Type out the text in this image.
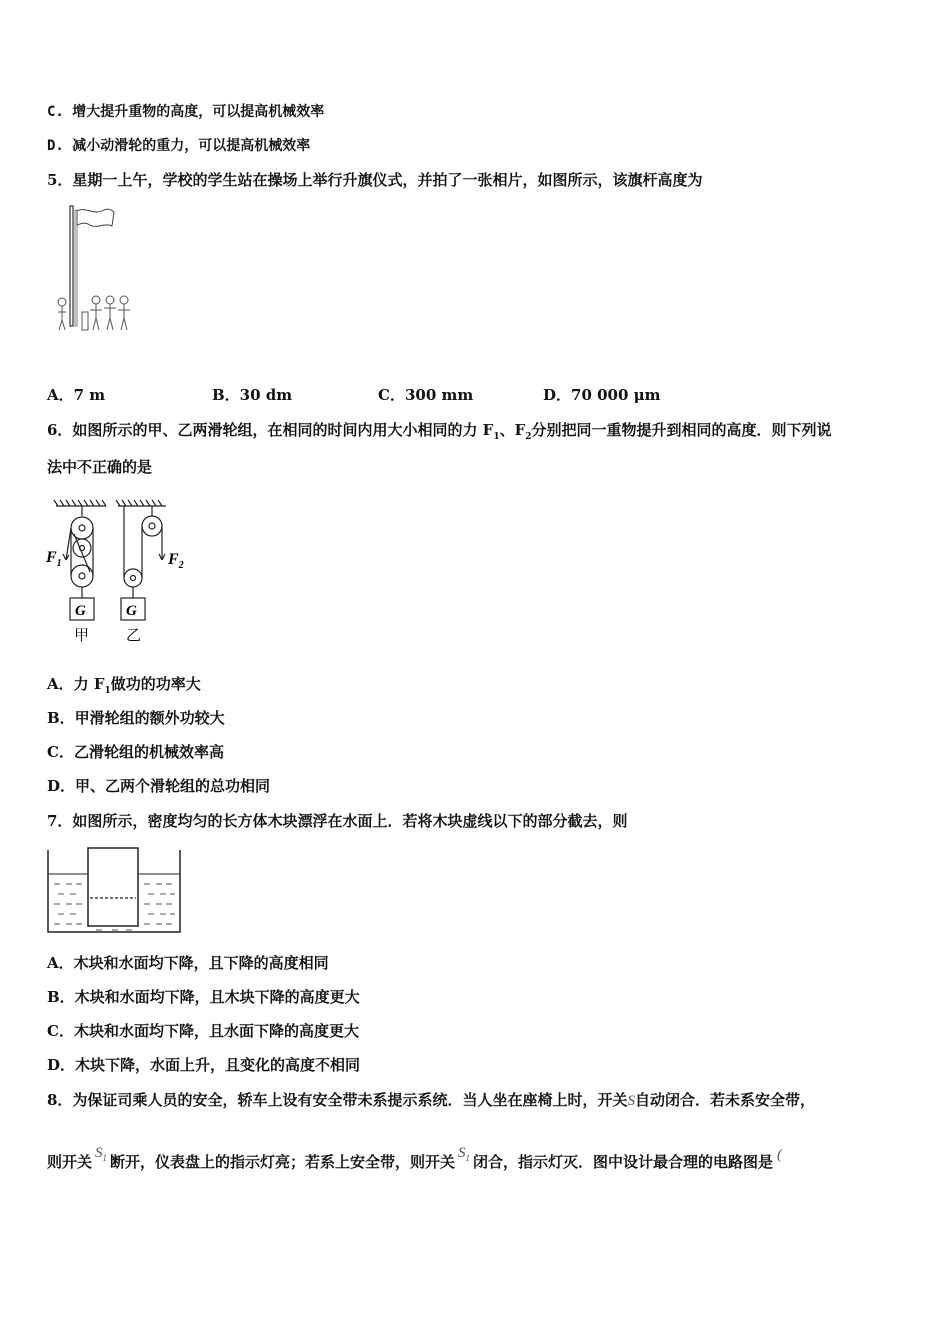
C. 增大提升重物的高度，可以提高机械效率
D. 减小动滑轮的重力，可以提高机械效率
5．星期一上午，学校的学生站在操场上举行升旗仪式，并拍了一张相片，如图所示，该旗杆高度为
A．7 m	B．30 dm	C．300 mm	D．70 000 μm
6．如图所示的甲、乙两滑轮组，在相同的时间内用大小相同的力 $F_1$、$F_2$分别把同一重物提升到相同的高度．则下列说
法中不正确的是
$F_1$	$F_2$
G	G
甲 乙
A．力 $F_1$做功的功率大
B．甲滑轮组的额外功较大
C．乙滑轮组的机械效率高
D．甲、乙两个滑轮组的总功相同
7．如图所示，密度均匀的长方体木块漂浮在水面上．若将木块虚线以下的部分截去，则
A．木块和水面均下降，且下降的高度相同
B．木块和水面均下降，且木块下降的高度更大
C．木块和水面均下降，且水面下降的高度更大
D．木块下降，水面上升，且变化的高度不相同
8．为保证司乘人员的安全，轿车上设有安全带未系提示系统．当人坐在座椅上时，开关S自动闭合．若未系安全带，
则开关 $S_1$ 断开，仪表盘上的指示灯亮；若系上安全带，则开关 $S_1$ 闭合，指示灯灭．图中设计最合理的电路图是 (
